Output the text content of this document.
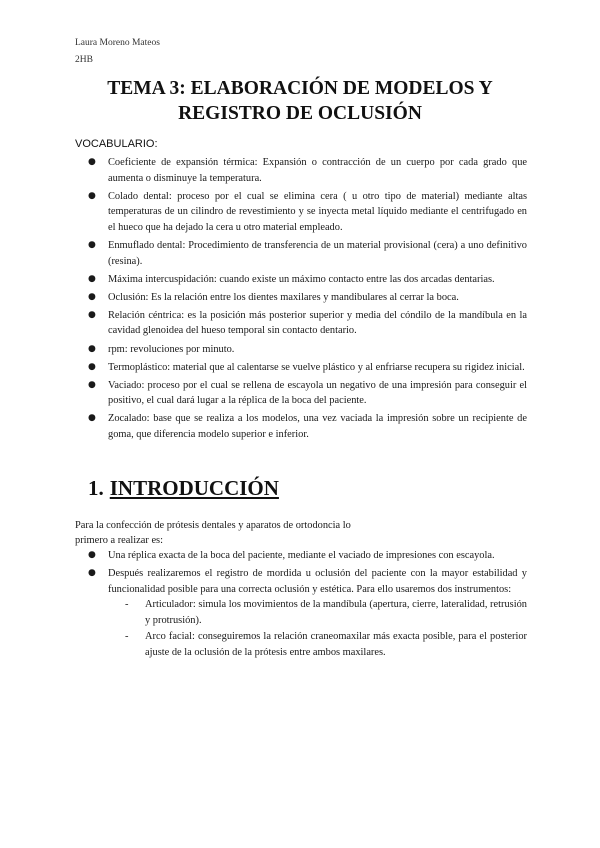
Laura Moreno Mateos
2HB
TEMA 3: ELABORACIÓN DE MODELOS Y
REGISTRO DE OCLUSIÓN
VOCABULARIO:
● Coeficiente de expansión térmica: Expansión o contracción de un cuerpo por cada grado que aumenta o disminuye la temperatura.
● Colado dental: proceso por el cual se elimina cera ( u otro tipo de material) mediante altas temperaturas de un cilindro de revestimiento y se inyecta metal líquido mediante el centrifugado en el hueco que ha dejado la cera u otro material empleado.
● Enmuflado dental: Procedimiento de transferencia de un material provisional (cera) a uno definitivo (resina).
● Máxima intercuspidación: cuando existe un máximo contacto entre las dos arcadas dentarias.
● Oclusión: Es la relación entre los dientes maxilares y mandibulares al cerrar la boca.
● Relación céntrica: es la posición más posterior superior y media del cóndilo de la mandíbula en la cavidad glenoidea del hueso temporal sin contacto dentario.
● rpm: revoluciones por minuto.
● Termoplástico: material que al calentarse se vuelve plástico y al enfriarse recupera su rigidez inicial.
● Vaciado: proceso por el cual se rellena de escayola un negativo de una impresión para conseguir el positivo, el cual dará lugar a la réplica de la boca del paciente.
● Zocalado: base que se realiza a los modelos, una vez vaciada la impresión sobre un recipiente de goma, que diferencia modelo superior e inferior.
1. INTRODUCCIÓN
Para la confección de prótesis dentales y aparatos de ortodoncia lo
primero a realizar es:
● Una réplica exacta de la boca del paciente, mediante el vaciado de impresiones con escayola.
● Después realizaremos el registro de mordida u oclusión del paciente con la mayor estabilidad y funcionalidad posible para una correcta oclusión y estética. Para ello usaremos dos instrumentos:
- Articulador: simula los movimientos de la mandíbula (apertura, cierre, lateralidad, retrusión y protrusión).
- Arco facial: conseguiremos la relación craneomaxilar más exacta posible, para el posterior ajuste de la oclusión de la prótesis entre ambos maxilares.
